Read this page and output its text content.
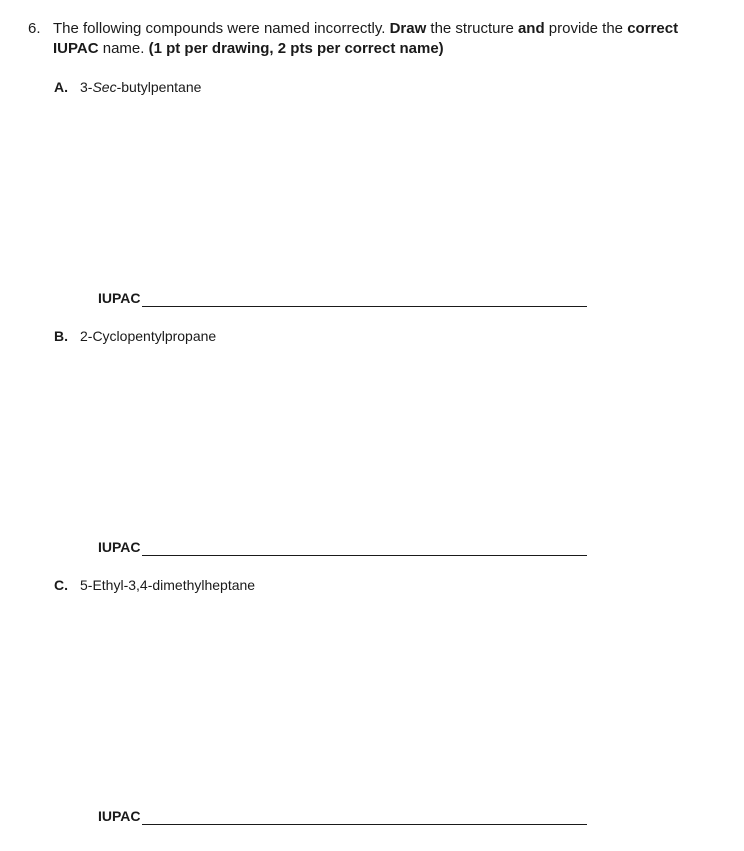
6. The following compounds were named incorrectly. Draw the structure and provide the correct IUPAC name. (1 pt per drawing, 2 pts per correct name)
A. 3-Sec-butylpentane
IUPAC
B. 2-Cyclopentylpropane
IUPAC
C. 5-Ethyl-3,4-dimethylheptane
IUPAC
